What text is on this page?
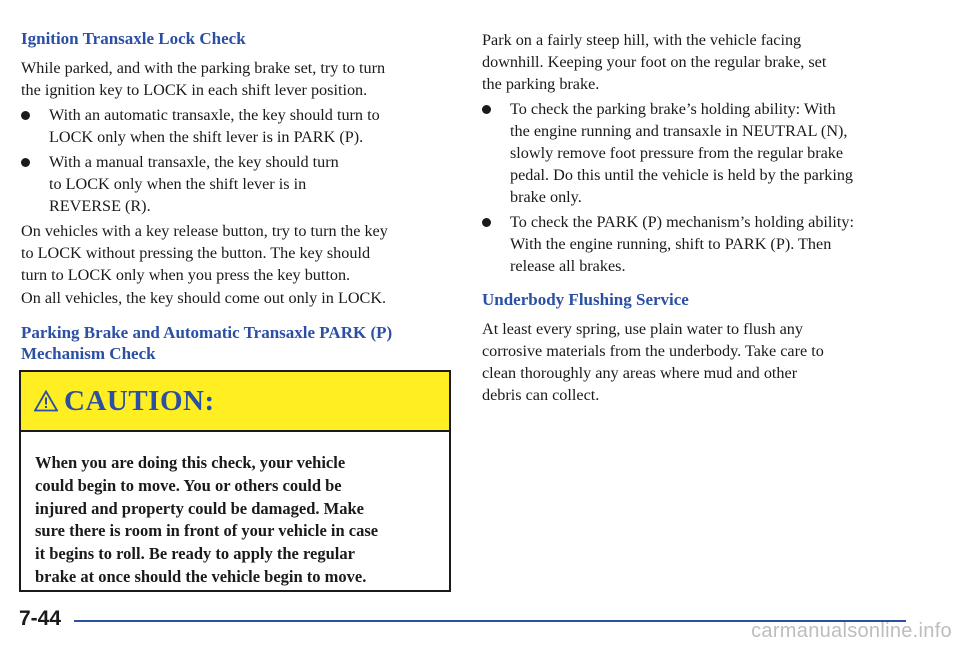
Ignition Transaxle Lock Check

While parked, and with the parking brake set, try to turn

the ignition key to LOCK in each shift lever position.

With an automatic transaxle, the key should turn to

LOCK only when the shift lever is in PARK (P).

With a manual transaxle, the key should turn

to LOCK only when the shift lever is in

REVERSE (R).

On vehicles with a key release button, try to turn the key

to LOCK without pressing the button. The key should

turn to LOCK only when you press the key button.

On all vehicles, the key should come out only in LOCK.

Parking Brake and Automatic Transaxle PARK (P)
Mechanism Check
CAUTION:
When you are doing this check, your vehicle
could begin to move. You or others could be
injured and property could be damaged. Make
sure there is room in front of your vehicle in case
it begins to roll. Be ready to apply the regular
brake at once should the vehicle begin to move.

Park on a fairly steep hill, with the vehicle facing

downhill. Keeping your foot on the regular brake, set

the parking brake.

To check the parking brake’s holding ability: With

the engine running and transaxle in NEUTRAL (N),

slowly remove foot pressure from the regular brake

pedal. Do this until the vehicle is held by the parking

brake only.

To check the PARK (P) mechanism’s holding ability:

With the engine running, shift to PARK (P). Then

release all brakes.

Underbody Flushing Service

At least every spring, use plain water to flush any

corrosive materials from the underbody. Take care to

clean thoroughly any areas where mud and other

debris can collect.

7-44
carmanualsonline.info
